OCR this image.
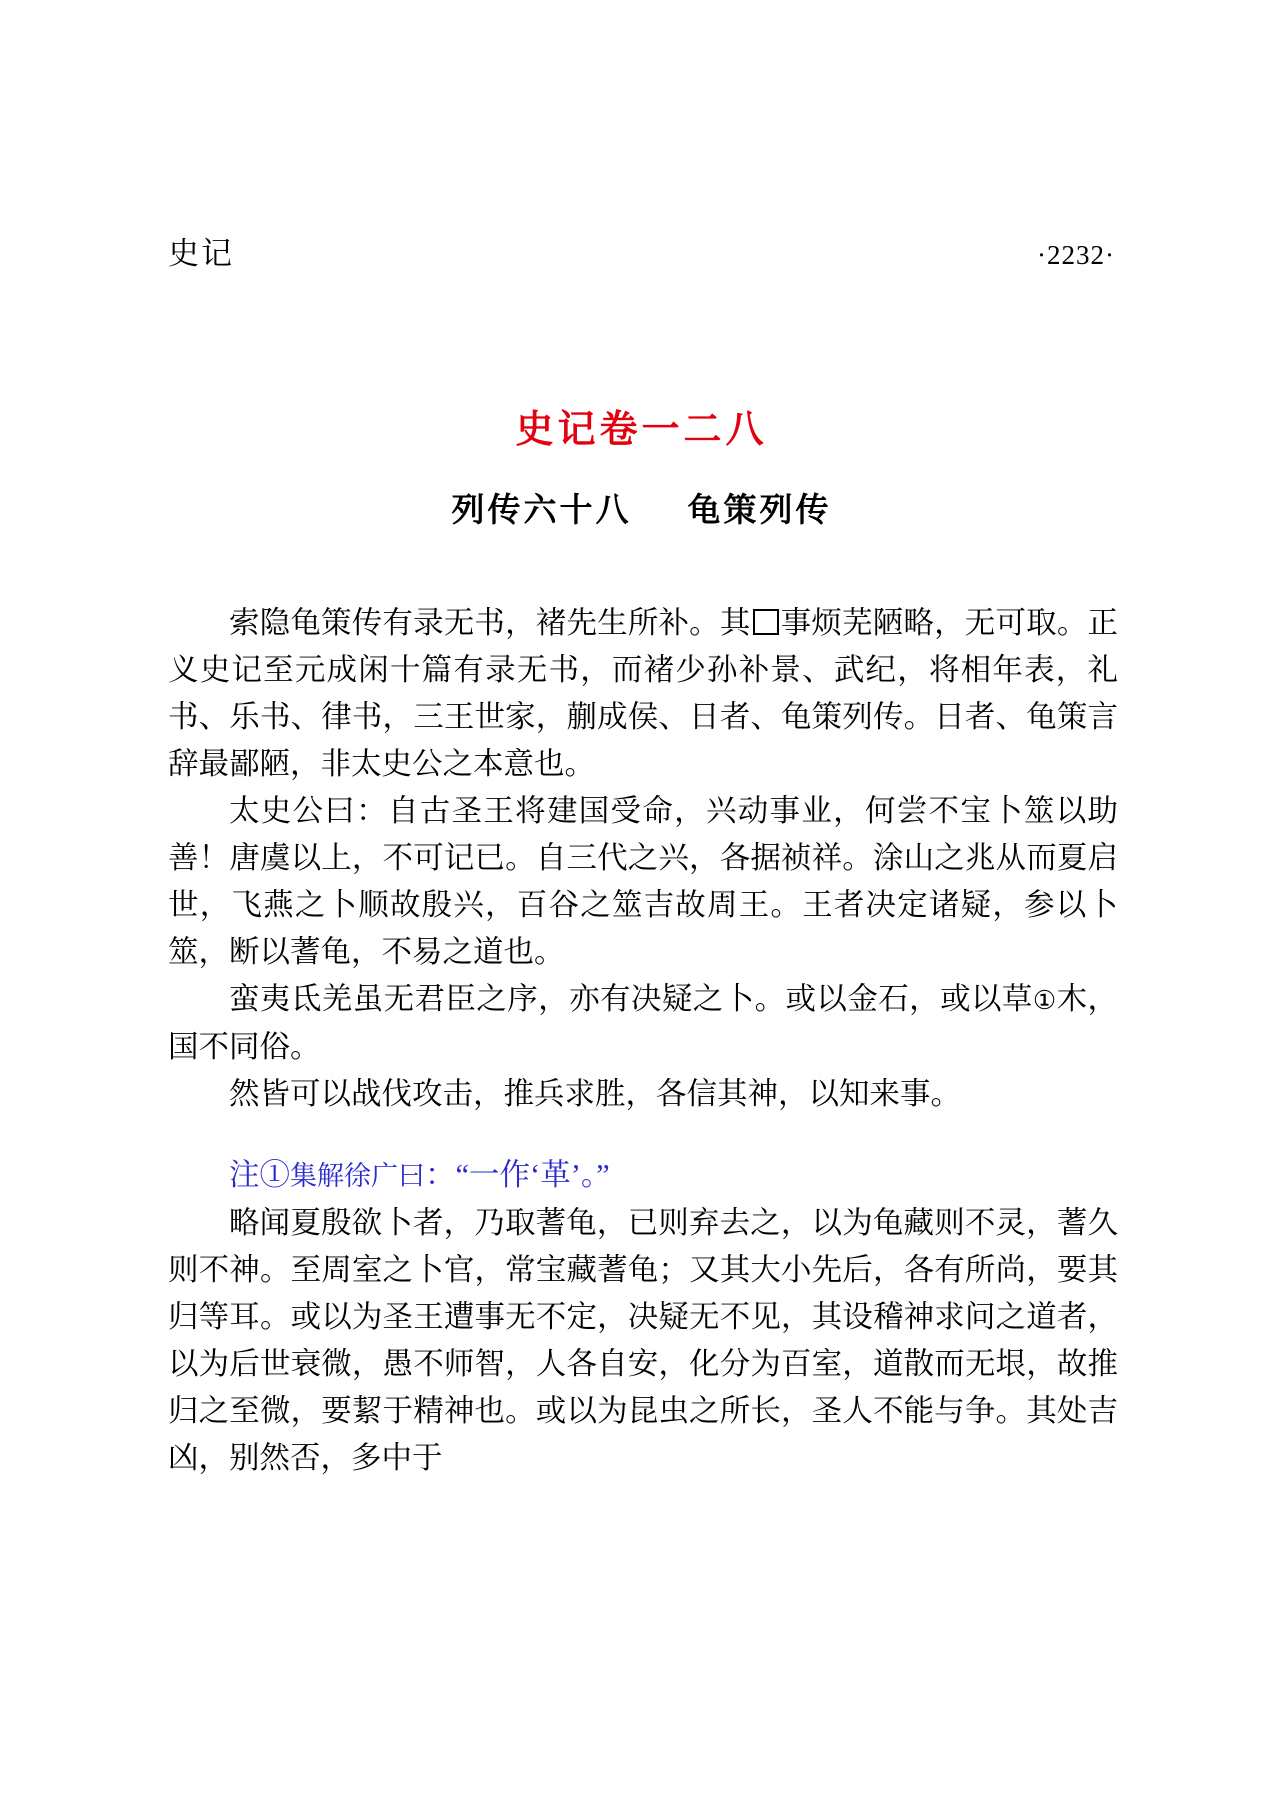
史记	·2232·
史记卷一二八
列传六十八 龟策列传

索隐龟策传有录无书，褚先生所补。其 事烦芜陋略，无可取。正义史记至元成闲十篇有录无书，而褚少孙补景、武纪，将相年表，礼书、乐书、律书，三王世家，蒯成侯、日者、龟策列传。日者、龟策言辞最鄙陋，非太史公之本意也。

太史公曰：自古圣王将建国受命，兴动事业，何尝不宝卜筮以助善！唐虞以上，不可记已。自三代之兴，各据祯祥。涂山之兆从而夏启世，飞燕之卜顺故殷兴，百谷之筮吉故周王。王者决定诸疑，参以卜筮，断以蓍龟，不易之道也。

蛮夷氐羌虽无君臣之序，亦有决疑之卜。或以金石，或以草①木，国不同俗。

然皆可以战伐攻击，推兵求胜，各信其神，以知来事。

注①集解徐广曰：“一作‘革’。”

略闻夏殷欲卜者，乃取蓍龟，已则弃去之，以为龟藏则不灵，蓍久则不神。至周室之卜官，常宝藏蓍龟；又其大小先后，各有所尚，要其归等耳。或以为圣王遭事无不定，决疑无不见，其设稽神求问之道者，以为后世衰微，愚不师智，人各自安，化分为百室，道散而无垠，故推归之至微，要絜于精神也。或以为昆虫之所长，圣人不能与争。其处吉凶，别然否，多中于
